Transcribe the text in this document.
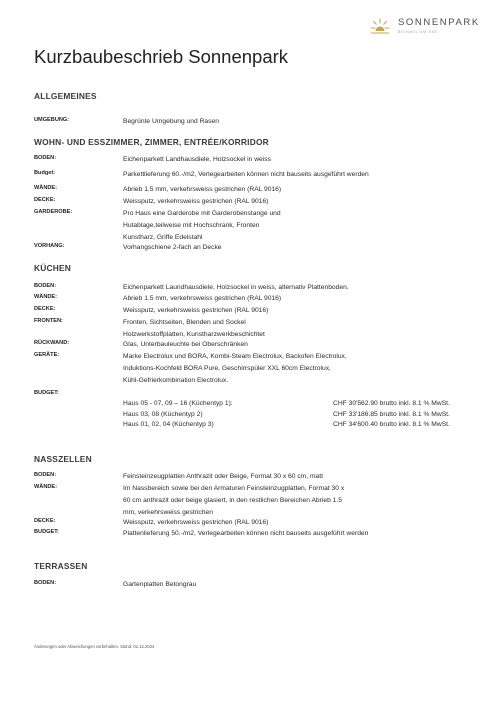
SONNENPARK
BEINWIL AM SEE
Kurzbaubeschrieb Sonnenpark
ALLGEMEINES
UMGEBUNG:	Begrünte Umgebung und Rasen
WOHN- UND ESSZIMMER, ZIMMER, ENTRÉE/KORRIDOR
BODEN:	Eichenparkett Landhausdiele, Holzsockel in weiss
Budget:	Parkettlieferung 60.-/m2, Verlegearbeiten können nicht bauseits ausgeführt werden
WÄNDE:	Abrieb 1.5 mm, verkehrsweiss gestrichen (RAL 9016)
DECKE:	Weissputz, verkehrsweiss gestrichen (RAL 9016)
GARDEROBE:	Pro Haus eine Garderobe mit Garderobenstange und
Hutablage,teilweise mit Hochschrank, Fronten
Kunstharz, Griffe Edelstahl
VORHANG:	Vorhangschiene 2-fach an Decke
KÜCHEN
BODEN:	Eichenparkett Laundhausdiele, Holzsockel in weiss, alternativ Plattenboden.
WÄNDE:	Abrieb 1.5 mm, verkehrsweiss gestrichen (RAL 9016)
DECKE:	Weissputz, verkehrsweiss gestrichen (RAL 9016)
FRONTEN:	Fronten, Sichtseiten, Blenden und Sockel
Holzwerkstoffplatten, Kunstharzwerkbeschichtet
RÜCKWAND:	Glas, Unterbauleuchte bei Oberschränken
GERÄTE:	Marke Electrolux und BORA, Kombi-Steam Electrolux, Backofen Electrolux,
Induktions-Kochfeld BORA Pure, Geschirrspüler XXL 60cm Electrolux,
Kühl-Gefrierkombination Electrolux.
BUDGET:
Haus 05 - 07, 09 – 16 (Küchentyp 1):	CHF 30'562.90 brutto inkl. 8.1 % MwSt.
Haus 03, 08 (Küchentyp 2)	CHF 33'186.85 brutto inkl. 8.1 % MwSt.
Haus 01, 02, 04 (Küchentyp 3)	CHF 34'600.40 brutto inkl. 8.1 % MwSt.
NASSZELLEN
BODEN:	Feinsteinzeugplatten Anthrazit oder Beige, Format 30 x 60 cm, matt
WÄNDE:	Im Nassbereich sowie bei den Armaturen Feinsteinzugplatten, Format 30 x
60 cm anthrazit oder beige glasiert, in den restlichen Bereichen Abrieb 1.5
mm, verkehrsweiss gestrichen
DECKE:	Weissputz, verkehrsweiss gestrichen (RAL 9016)
BUDGET:	Plattenlieferung 50.-/m2, Verlegearbeiten können nicht bauseits ausgeführt werden
TERRASSEN
BODEN:	Gartenplatten Betongrau
Änderungen oder Abweichungen vorbehalten. Stand: 01.12.2024
